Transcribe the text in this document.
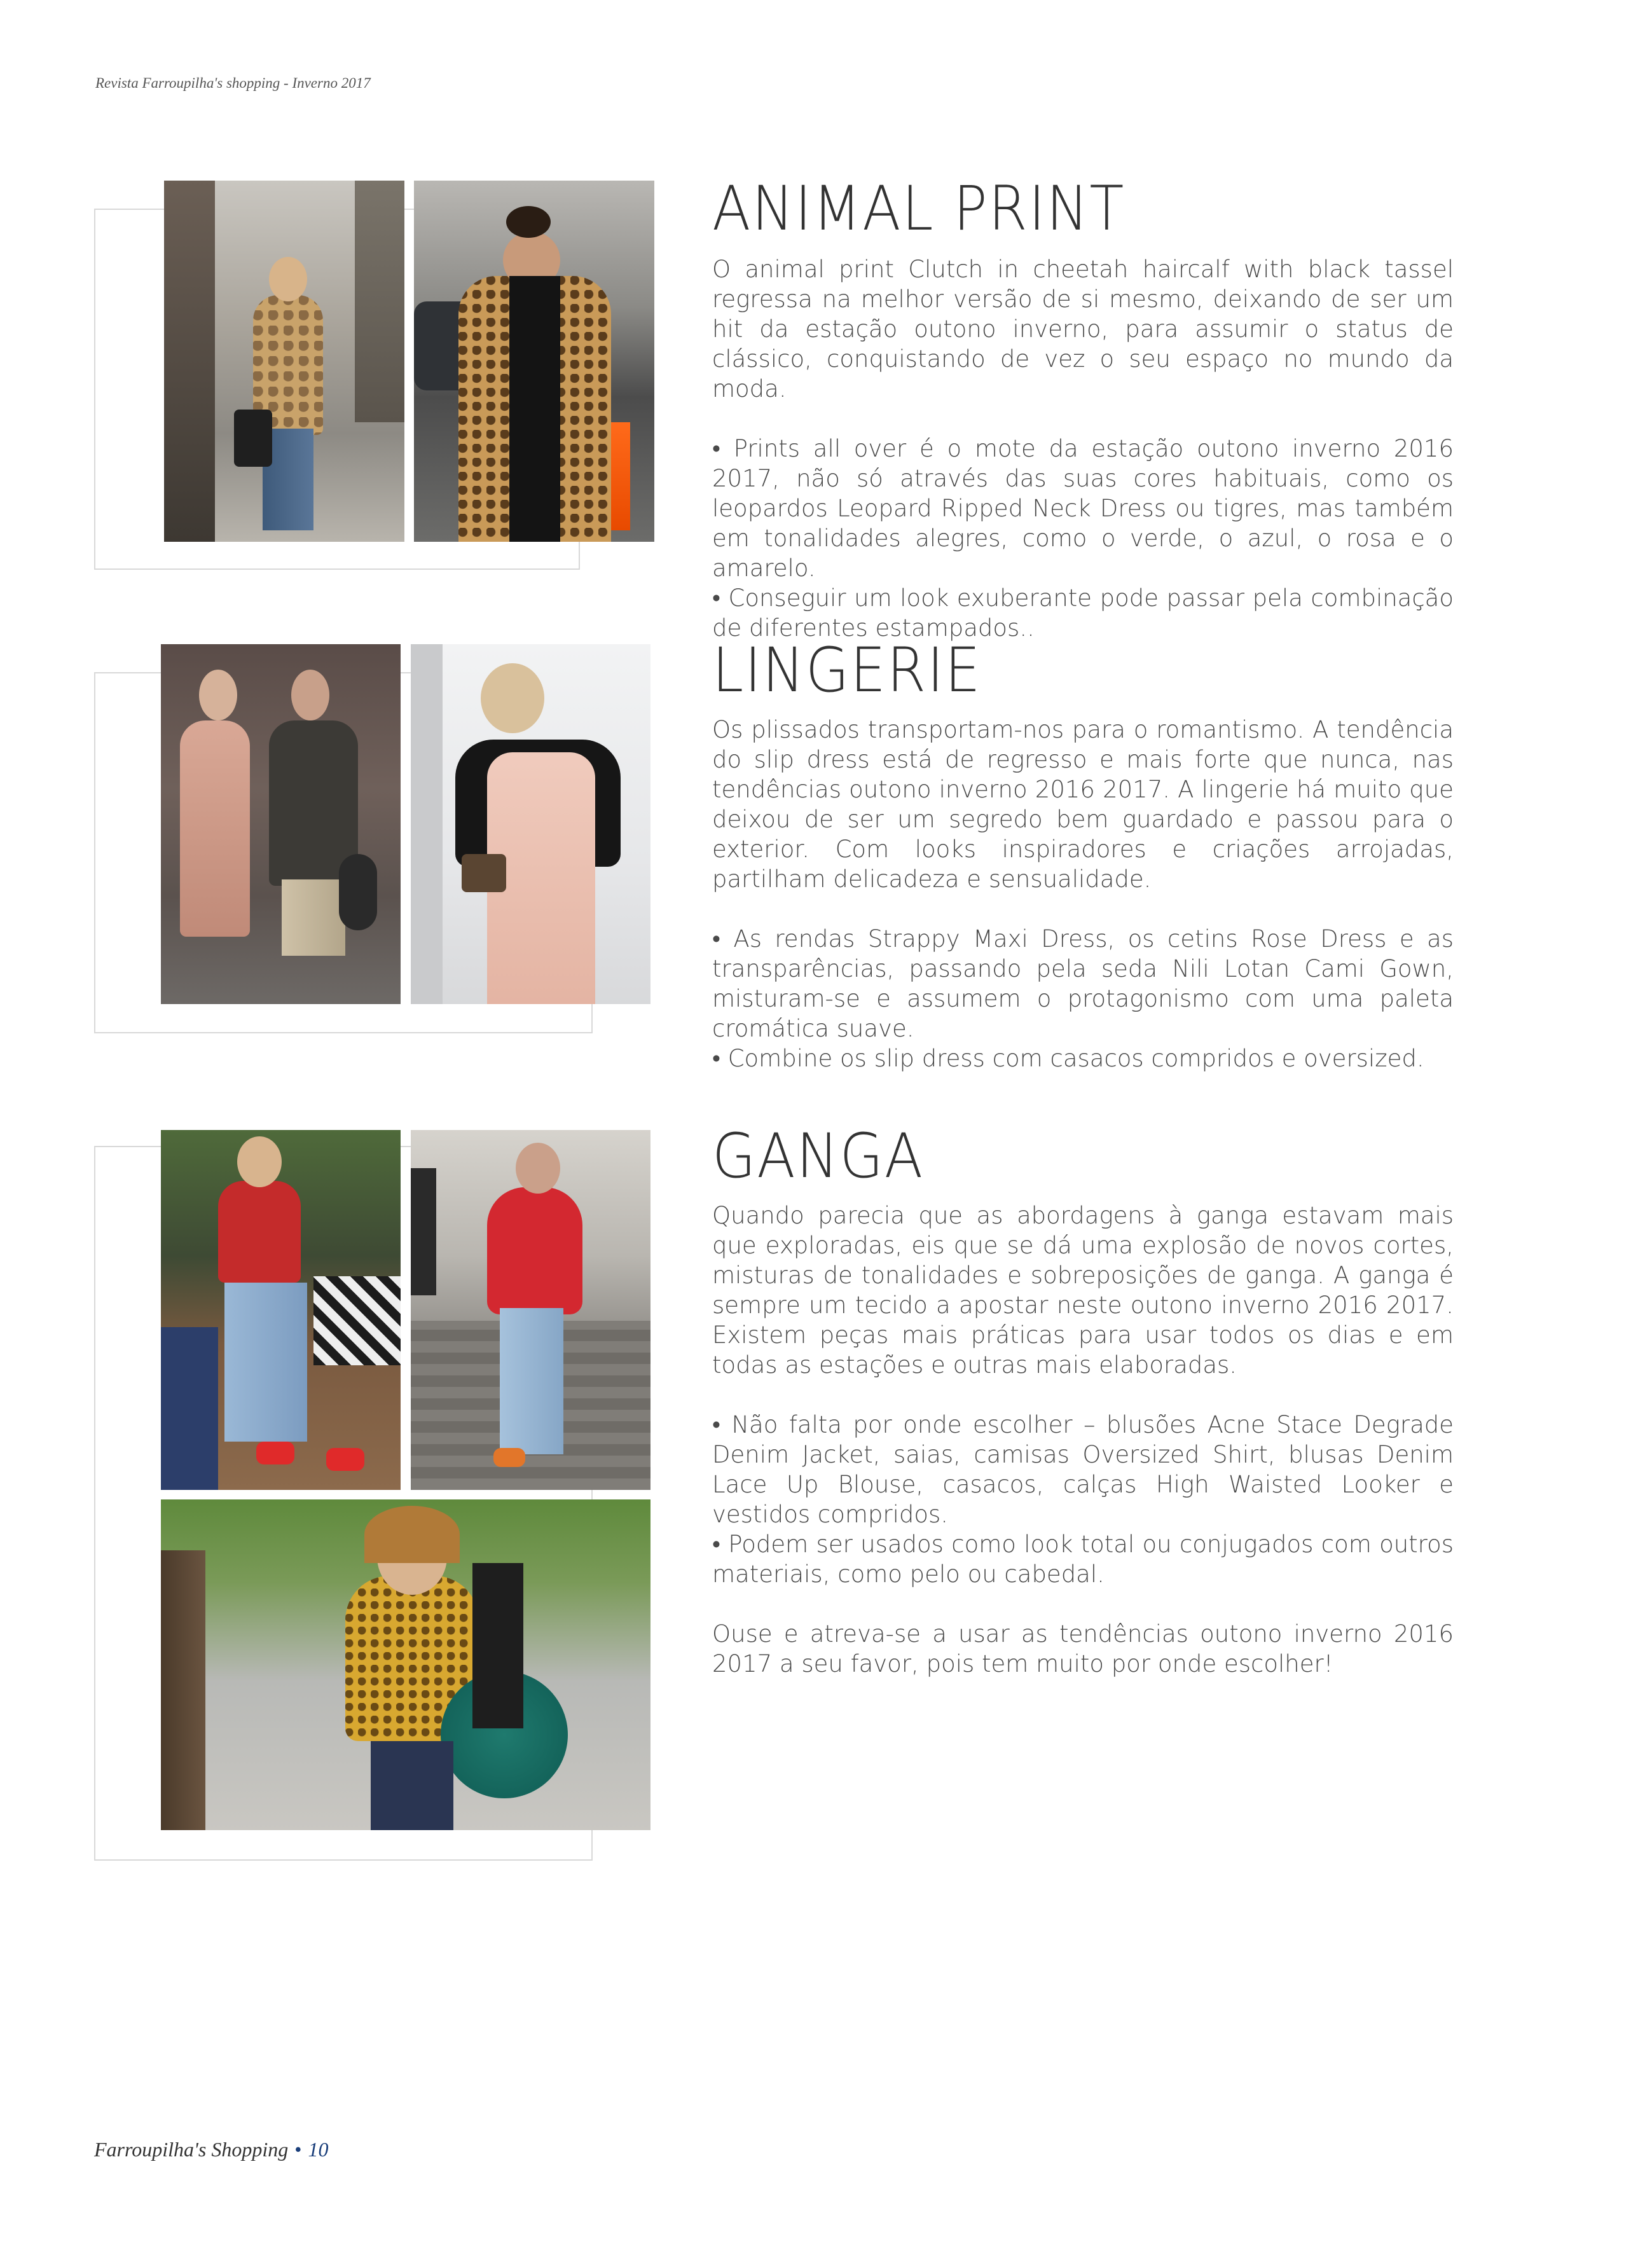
Revista Farroupilha's shopping - Inverno 2017
ANIMAL PRINT

O animal print Clutch in cheetah haircalf with black tassel regressa na melhor versão de si mesmo, deixando de ser um hit da estação outono inverno, para assumir o status de clássico, conquistando de vez o seu espaço no mundo da moda.

• Prints all over é o mote da estação outono inverno 2016 2017, não só através das suas cores habituais, como os leopardos Leopard Ripped Neck Dress ou tigres, mas também em tonalidades alegres, como o verde, o azul, o rosa e o amarelo.

• Conseguir um look exuberante pode passar pela combinação de diferentes estampados..

LINGERIE

Os plissados transportam-nos para o romantismo. A tendência do slip dress está de regresso e mais forte que nunca, nas tendências outono inverno 2016 2017. A lingerie há muito que deixou de ser um segredo bem guardado e passou para o exterior. Com looks inspiradores e criações arrojadas, partilham delicadeza e sensualidade.

• As rendas Strappy Maxi Dress, os cetins Rose Dress e as transparências, passando pela seda Nili Lotan Cami Gown, misturam-se e assumem o protagonismo com uma paleta cromática suave.

• Combine os slip dress com casacos compridos e oversized.

GANGA

Quando parecia que as abordagens à ganga estavam mais que exploradas, eis que se dá uma explosão de novos cortes, misturas de tonalidades e sobreposições de ganga. A ganga é sempre um tecido a apostar neste outono inverno 2016 2017. Existem peças mais práticas para usar todos os dias e em todas as estações e outras mais elaboradas.

• Não falta por onde escolher – blusões Acne Stace Degrade Denim Jacket, saias, camisas Oversized Shirt, blusas Denim Lace Up Blouse, casacos, calças High Waisted Looker e vestidos compridos.

• Podem ser usados como look total ou conjugados com outros materiais, como pelo ou cabedal.

Ouse e atreva-se a usar as tendências outono inverno 2016 2017 a seu favor, pois tem muito por onde escolher!

Farroupilha's Shopping • 10
